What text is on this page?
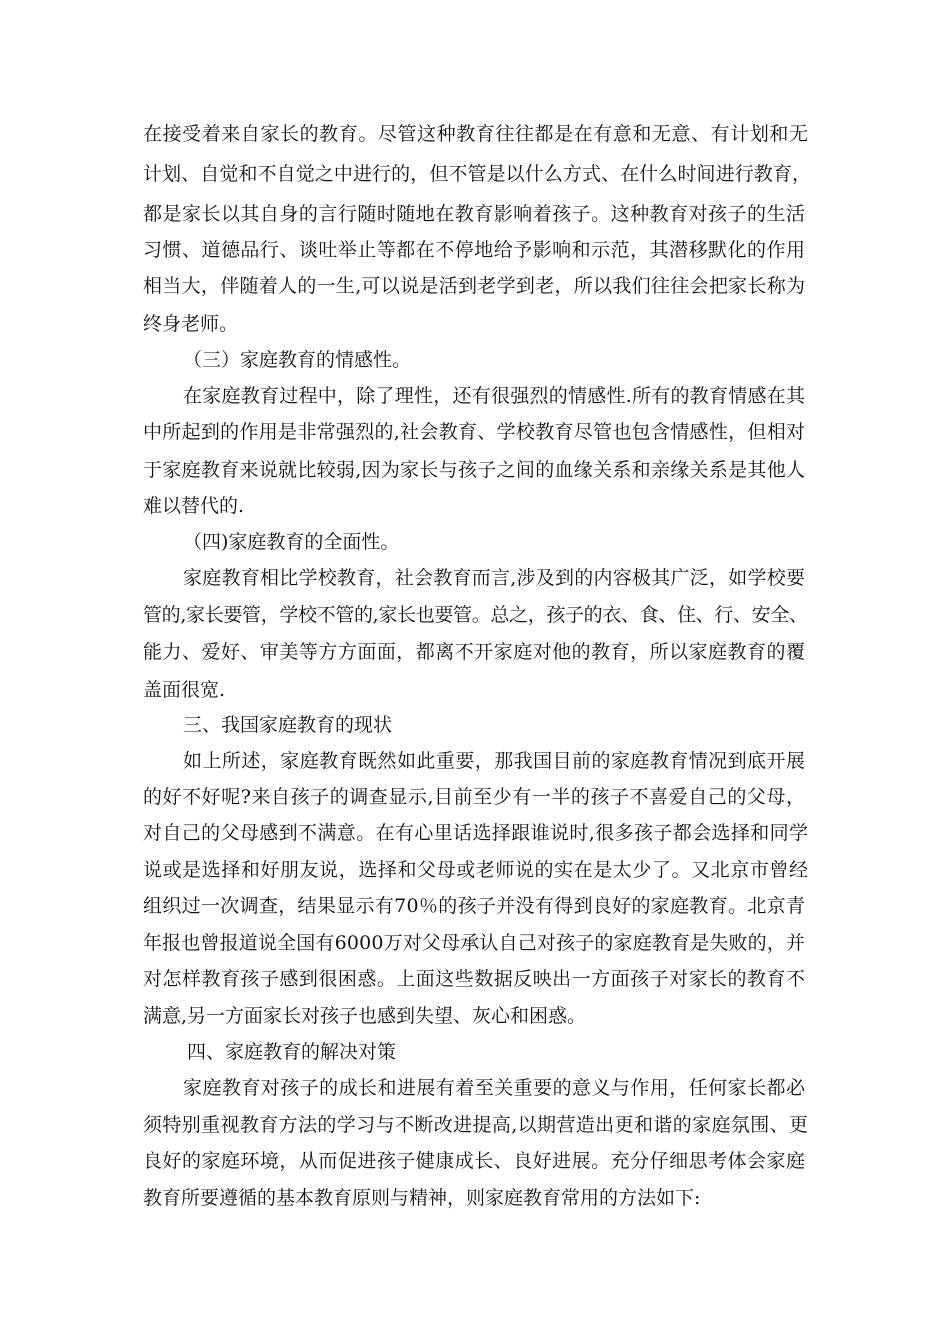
在接受着来自家长的教育。尽管这种教育往往都是在有意和无意、有计划和无
计划、自觉和不自觉之中进行的，但不管是以什么方式、在什么时间进行教育，
都是家长以其自身的言行随时随地在教育影响着孩子。这种教育对孩子的生活
习惯、道德品行、谈吐举止等都在不停地给予影响和示范，其潜移默化的作用
相当大，伴随着人的一生,可以说是活到老学到老，所以我们往往会把家长称为
终身老师。
（三）家庭教育的情感性。
在家庭教育过程中，除了理性，还有很强烈的情感性.所有的教育情感在其
中所起到的作用是非常强烈的,社会教育、学校教育尽管也包含情感性，但相对
于家庭教育来说就比较弱,因为家长与孩子之间的血缘关系和亲缘关系是其他人
难以替代的.
（四)家庭教育的全面性。
家庭教育相比学校教育，社会教育而言,涉及到的内容极其广泛，如学校要
管的,家长要管，学校不管的,家长也要管。总之，孩子的衣、食、住、行、安全、
能力、爱好、审美等方方面面，都离不开家庭对他的教育，所以家庭教育的覆
盖面很宽.
三、我国家庭教育的现状
如上所述，家庭教育既然如此重要，那我国目前的家庭教育情况到底开展
的好不好呢?来自孩子的调查显示,目前至少有一半的孩子不喜爱自己的父母，
对自己的父母感到不满意。在有心里话选择跟谁说时,很多孩子都会选择和同学
说或是选择和好朋友说，选择和父母或老师说的实在是太少了。又北京市曾经
组织过一次调查，结果显示有70％的孩子并没有得到良好的家庭教育。北京青
年报也曾报道说全国有6000万对父母承认自己对孩子的家庭教育是失败的，并
对怎样教育孩子感到很困惑。上面这些数据反映出一方面孩子对家长的教育不
满意,另一方面家长对孩子也感到失望、灰心和困惑。
四、家庭教育的解决对策
家庭教育对孩子的成长和进展有着至关重要的意义与作用，任何家长都必
须特别重视教育方法的学习与不断改进提高,以期营造出更和谐的家庭氛围、更
良好的家庭环境，从而促进孩子健康成长、良好进展。充分仔细思考体会家庭
教育所要遵循的基本教育原则与精神，则家庭教育常用的方法如下:
